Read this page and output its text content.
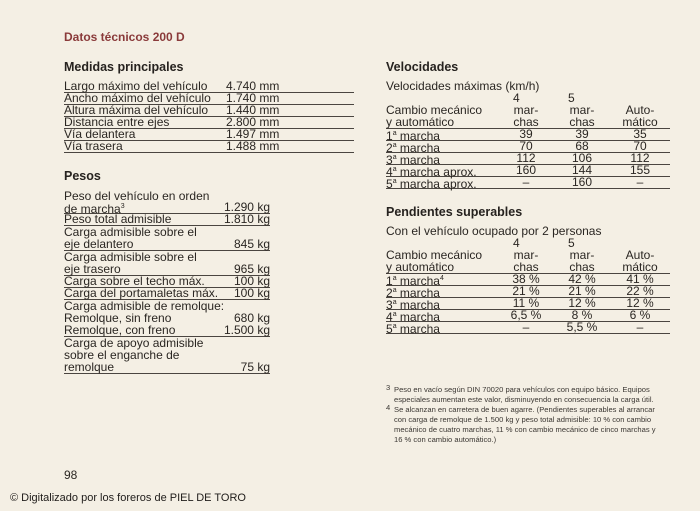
Datos técnicos 200 D
Medidas principales
Largo máximo del vehículo 4.740 mm
Ancho máximo del vehículo 1.740 mm
Altura máxima del vehículo 1.440 mm
Distancia entre ejes	2.800 mm
Vía delantera	1.497 mm
Vía trasera	1.488 mm
Pesos
Peso del vehículo en orden
de marcha$^3$	1.290 kg
Peso total admisible	1.810 kg
Carga admisible sobre el
eje delantero	845 kg
Carga admisible sobre el
eje trasero	965 kg
Carga sobre el techo máx. 100 kg
Carga del portamaletas máx. 100 kg
Carga admisible de remolque:
Remolque, sin freno	680 kg
Remolque, con freno	1.500 kg
Carga de apoyo admisible
sobre el enganche de
remolque	75 kg
Velocidades
Velocidades máximas (km/h)
4	5
Cambio mecánico	mar-	mar-	Auto-
y automático	chas	chas	mático
1$^a$ marcha	39	39	35
2$^a$ marcha	70	68	70
3$^a$ marcha	112	106	112
4$^a$ marcha aprox.	160	144	155
5$^a$ marcha aprox.	–	160	–
Pendientes superables
Con el vehículo ocupado por 2 personas
4	5
Cambio mecánico	mar-	mar-	Auto-
y automático	chas	chas	mático
1$^a$ marcha$^4$	38 %	42 %	41 %
2$^a$ marcha	21 %	21 %	22 %
3$^a$ marcha	11 %	12 %	12 %
4$^a$ marcha	6,5 %	8 %	6 %
5$^a$ marcha	–	5,5 %	–
3 Peso en vacío según DIN 70020 para vehículos con equipo básico. Equipos
especiales aumentan este valor, disminuyendo en consecuencia la carga útil.
4 Se alcanzan en carretera de buen agarre. (Pendientes superables al arrancar
con carga de remolque de 1.500 kg y peso total admisible: 10 % con cambio
mecánico de cuatro marchas, 11 % con cambio mecánico de cinco marchas y
16 % con cambio automático.)
98
© Digitalizado por los foreros de PIEL DE TORO
